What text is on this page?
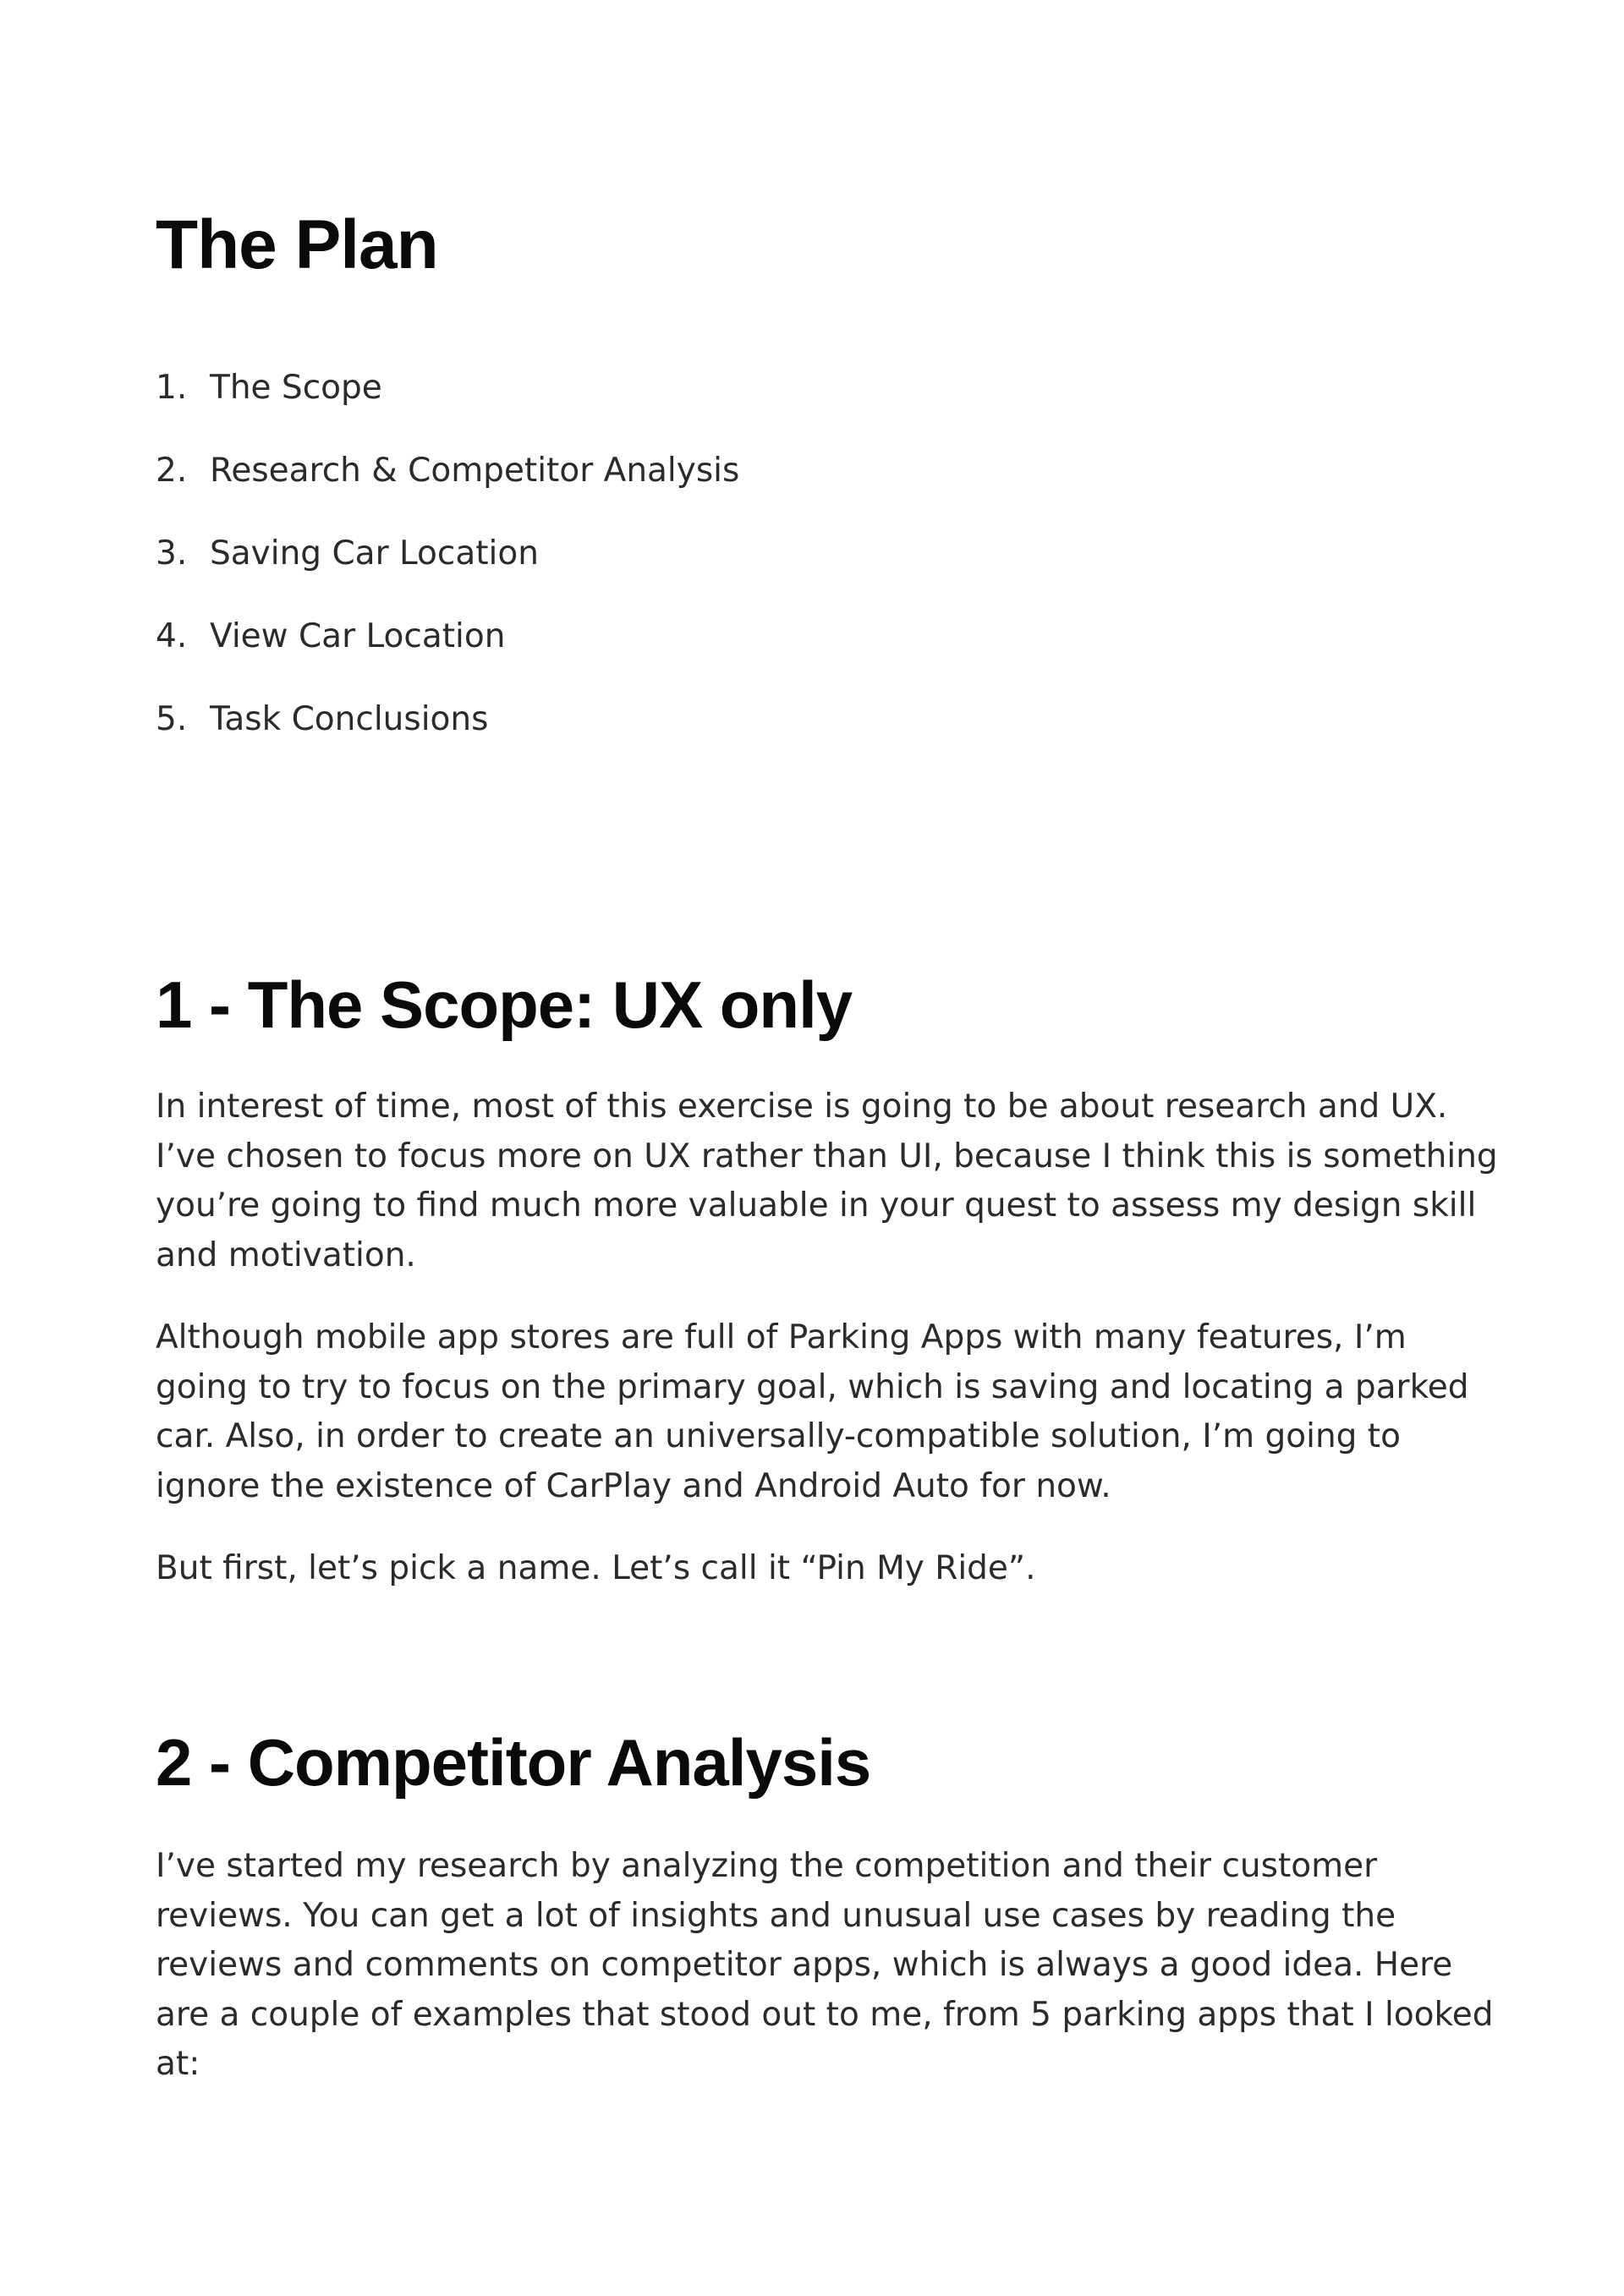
The Plan
1. The Scope
2. Research & Competitor Analysis
3. Saving Car Location
4. View Car Location
5. Task Conclusions
1 - The Scope: UX only

In interest of time, most of this exercise is going to be about research and UX. I’ve chosen to focus more on UX rather than UI, because I think this is something you’re going to find much more valuable in your quest to assess my design skill and motivation.

Although mobile app stores are full of Parking Apps with many features, I’m going to try to focus on the primary goal, which is saving and locating a parked car. Also, in order to create an universally-compatible solution, I’m going to ignore the existence of CarPlay and Android Auto for now.

But first, let’s pick a name. Let’s call it “Pin My Ride”.

2 - Competitor Analysis

I’ve started my research by analyzing the competition and their customer reviews. You can get a lot of insights and unusual use cases by reading the reviews and comments on competitor apps, which is always a good idea. Here are a couple of examples that stood out to me, from 5 parking apps that I looked at:
